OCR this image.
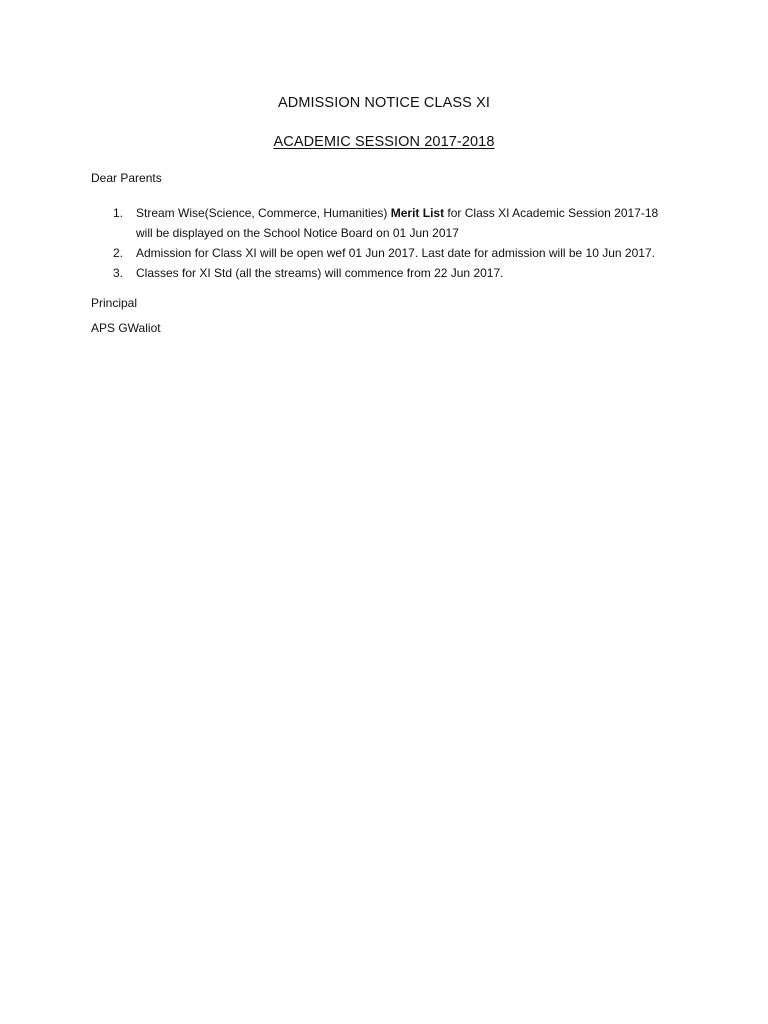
ADMISSION NOTICE CLASS XI
ACADEMIC SESSION 2017-2018
Dear Parents
1. Stream Wise(Science, Commerce, Humanities) Merit List for Class XI Academic Session 2017-18
will be displayed on the School Notice Board on 01 Jun 2017
2. Admission for Class XI will be open wef 01 Jun 2017. Last date for admission will be 10 Jun 2017.
3. Classes for XI Std (all the streams) will commence from 22 Jun 2017.
Principal
APS GWaliot
